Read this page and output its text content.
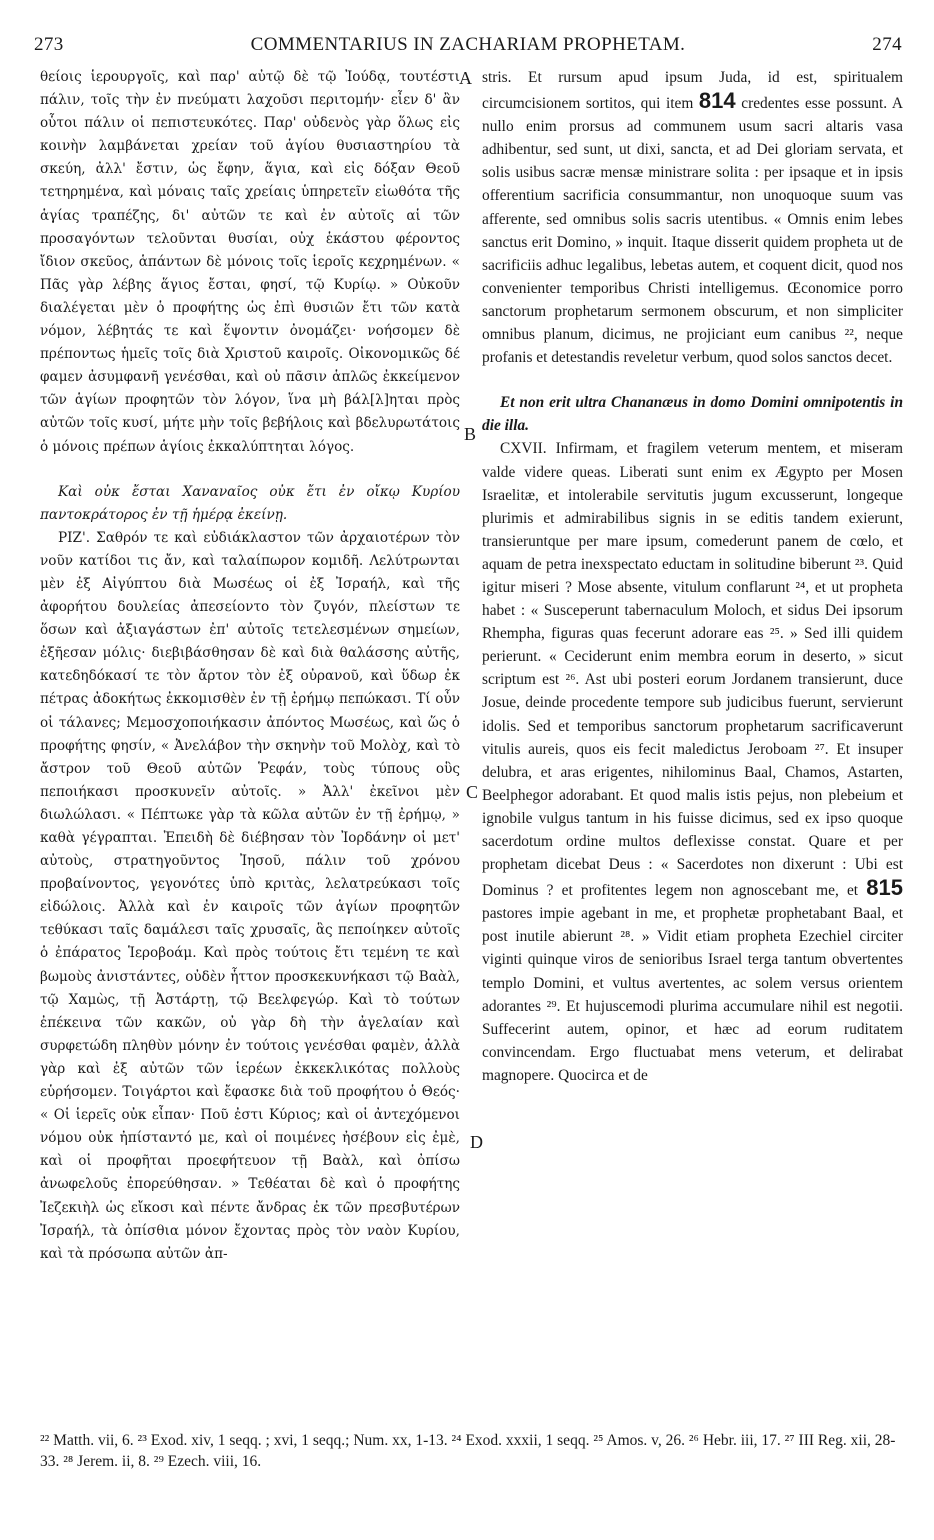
273	COMMENTARIUS IN ZACHARIAM PROPHETAM.	274

θείοις ἱερουργοῖς, καὶ παρ' αὐτῷ δὲ τῷ Ἰούδᾳ, τουτέστι πάλιν, τοῖς τὴν ἐν πνεύματι λαχοῦσι περιτομήν· εἶεν δ' ἂν οὗτοι πάλιν οἱ πεπιστευκότες. Παρ' οὐδενὸς γὰρ ὅλως εἰς κοινὴν λαμβάνεται χρείαν τοῦ ἁγίου θυσιαστηρίου τὰ σκεύη, ἀλλ' ἔστιν, ὡς ἔφην, ἅγια, καὶ εἰς δόξαν Θεοῦ τετηρημένα, καὶ μόναις ταῖς χρείαις ὑπηρετεῖν εἰωθότα τῆς ἁγίας τραπέζης, δι' αὐτῶν τε καὶ ἐν αὐτοῖς αἱ τῶν προσαγόντων τελοῦνται θυσίαι, οὐχ ἑκάστου φέροντος ἴδιον σκεῦος, ἁπάντων δὲ μόνοις τοῖς ἱεροῖς κεχρημένων. « Πᾶς γὰρ λέβης ἅγιος ἔσται, φησί, τῷ Κυρίῳ. » Οὐκοῦν διαλέγεται μὲν ὁ προφήτης ὡς ἐπὶ θυσιῶν ἔτι τῶν κατὰ νόμον, λέβητάς τε καὶ ἕψοντιν ὀνομάζει· νοήσομεν δὲ πρέποντως ἡμεῖς τοῖς διὰ Χριστοῦ καιροῖς. Οἰκονομικῶς δέ φαμεν ἀσυμφανῆ γενέσθαι, καὶ οὐ πᾶσιν ἁπλῶς ἐκκείμενον τῶν ἁγίων προφητῶν τὸν λόγον, ἵνα μὴ βάλ[λ]ηται πρὸς αὐτῶν τοῖς κυσί, μήτε μὴν τοῖς βεβήλοις καὶ βδελυρωτάτοις ὁ μόνοις πρέπων ἁγίοις ἐκκαλύπτηται λόγος.

Καὶ οὐκ ἔσται Χαναναῖος οὐκ ἔτι ἐν οἴκῳ Κυρίου παντοκράτορος ἐν τῇ ἡμέρᾳ ἐκείνῃ.

ΡΙΖ'. Σαθρόν τε καὶ εὐδιάκλαστον τῶν ἀρχαιοτέρων τὸν νοῦν κατίδοι τις ἄν, καὶ ταλαίπωρον κομιδῆ. Λελύτρωνται μὲν ἐξ Αἰγύπτου διὰ Μωσέως οἱ ἐξ Ἰσραήλ, καὶ τῆς ἀφορήτου δουλείας ἀπεσείοντο τὸν ζυγόν, πλείστων τε ὅσων καὶ ἀξιαγάστων ἐπ' αὐτοῖς τετελεσμένων σημείων, ἐξῆεσαν μόλις· διεβιβάσθησαν δὲ καὶ διὰ θαλάσσης αὐτῆς, κατεδηδόκασί τε τὸν ἄρτον τὸν ἐξ οὐρανοῦ, καὶ ὕδωρ ἐκ πέτρας ἀδοκήτως ἐκκομισθὲν ἐν τῇ ἐρήμῳ πεπώκασι. Τί οὖν οἱ τάλανες; Μεμοσχοποιήκασιν ἀπόντος Μωσέως, καὶ ὥς ὁ προφήτης φησίν, « Ἀνελάβον τὴν σκηνὴν τοῦ Μολὸχ, καὶ τὸ ἄστρον τοῦ Θεοῦ αὐτῶν Ῥεφάν, τοὺς τύπους οὓς πεποιήκασι προσκυνεῖν αὐτοῖς. » Ἀλλ' ἐκεῖνοι μὲν διωλώλασι. « Πέπτωκε γὰρ τὰ κῶλα αὐτῶν ἐν τῇ ἐρήμῳ, » καθὰ γέγραπται. Ἐπειδὴ δὲ διέβησαν τὸν Ἰορδάνην οἱ μετ' αὐτοὺς, στρατηγοῦντος Ἰησοῦ, πάλιν τοῦ χρόνου προβαίνοντος, γεγονότες ὑπὸ κριτὰς, λελατρεύκασι τοῖς εἰδώλοις. Ἀλλὰ καὶ ἐν καιροῖς τῶν ἁγίων προφητῶν τεθύκασι ταῖς δαμάλεσι ταῖς χρυσαῖς, ἃς πεποίηκεν αὐτοῖς ὁ ἐπάρατος Ἱεροβοάμ. Καὶ πρὸς τούτοις ἔτι τεμένη τε καὶ βωμοὺς ἀνιστάντες, οὐδὲν ἧττον προσκεκυνήκασι τῷ Βαὰλ, τῷ Χαμὼς, τῇ Ἀστάρτῃ, τῷ Βεελφεγώρ. Καὶ τὸ τούτων ἐπέκεινα τῶν κακῶν, οὐ γὰρ δὴ τὴν ἀγελαίαν καὶ συρφετώδη πληθὺν μόνην ἐν τούτοις γενέσθαι φαμὲν, ἀλλὰ γὰρ καὶ ἐξ αὐτῶν τῶν ἱερέων ἐκκεκλικότας πολλοὺς εὑρήσομεν. Τοιγάρτοι καὶ ἔφασκε διὰ τοῦ προφήτου ὁ Θεός· « Οἱ ἱερεῖς οὐκ εἶπαν· Ποῦ ἐστι Κύριος; καὶ οἱ ἀντεχόμενοι νόμου οὐκ ἠπίσταντό με, καὶ οἱ ποιμένες ἠσέβουν εἰς ἐμὲ, καὶ οἱ προφῆται προεφήτευον τῇ Βαὰλ, καὶ ὀπίσω ἀνωφελοῦς ἐπορεύθησαν. » Τεθέαται δὲ καὶ ὁ προφήτης Ἰεζεκιὴλ ὡς εἴκοσι καὶ πέντε ἄνδρας ἐκ τῶν πρεσβυτέρων Ἰσραήλ, τὰ ὀπίσθια μόνον ἔχοντας πρὸς τὸν ναὸν Κυρίου, καὶ τὰ πρόσωπα αὐτῶν ἀπ-

A
B
C
D

stris. Et rursum apud ipsum Juda, id est, spiritualem circumcisionem sortitos, qui item 814 credentes esse possunt. A nullo enim prorsus ad communem usum sacri altaris vasa adhibentur, sed sunt, ut dixi, sancta, et ad Dei gloriam servata, et solis usibus sacræ mensæ ministrare solita : per ipsaque et in ipsis offerentium sacrificia consummantur, non unoquoque suum vas afferente, sed omnibus solis sacris utentibus. « Omnis enim lebes sanctus erit Domino, » inquit. Itaque disserit quidem propheta ut de sacrificiis adhuc legalibus, lebetas autem, et coquent dicit, quod nos convenienter temporibus Christi intelligemus. Œconomice porro sanctorum prophetarum sermonem obscurum, et non simpliciter omnibus planum, dicimus, ne projiciant eum canibus ²², neque profanis et detestandis reveletur verbum, quod solos sanctos decet.

Et non erit ultra Chananæus in domo Domini omnipotentis in die illa.

CXVII. Infirmam, et fragilem veterum mentem, et miseram valde videre queas. Liberati sunt enim ex Ægypto per Mosen Israelitæ, et intolerabile servitutis jugum excusserunt, longeque plurimis et admirabilibus signis in se editis tandem exierunt, transieruntque per mare ipsum, comederunt panem de cœlo, et aquam de petra inexspectato eductam in solitudine biberunt ²³. Quid igitur miseri ? Mose absente, vitulum conflarunt ²⁴, et ut propheta habet : « Susceperunt tabernaculum Moloch, et sidus Dei ipsorum Rhempha, figuras quas fecerunt adorare eas ²⁵. » Sed illi quidem perierunt. « Ceciderunt enim membra eorum in deserto, » sicut scriptum est ²⁶. Ast ubi posteri eorum Jordanem transierunt, duce Josue, deinde procedente tempore sub judicibus fuerunt, servierunt idolis. Sed et temporibus sanctorum prophetarum sacrificaverunt vitulis aureis, quos eis fecit maledictus Jeroboam ²⁷. Et insuper delubra, et aras erigentes, nihilominus Baal, Chamos, Astarten, Beelphegor adorabant. Et quod malis istis pejus, non plebeium et ignobile vulgus tantum in his fuisse dicimus, sed ex ipso quoque sacerdotum ordine multos deflexisse constat. Quare et per prophetam dicebat Deus : « Sacerdotes non dixerunt : Ubi est Dominus ? et profitentes legem non agnoscebant me, et 815 pastores impie agebant in me, et prophetæ prophetabant Baal, et post inutile abierunt ²⁸. » Vidit etiam propheta Ezechiel circiter viginti quinque viros de senioribus Israel terga tantum obvertentes templo Domini, et vultus avertentes, ac solem versus orientem adorantes ²⁹. Et hujuscemodi plurima accumulare nihil est negotii. Suffecerint autem, opinor, et hæc ad eorum ruditatem convincendam. Ergo fluctuabat mens veterum, et delirabat magnopere. Quocirca et de

²² Matth. vii, 6. ²³ Exod. xiv, 1 seqq. ; xvi, 1 seqq.; Num. xx, 1-13. ²⁴ Exod. xxxii, 1 seqq. ²⁵ Amos. v, 26. ²⁶ Hebr. iii, 17. ²⁷ III Reg. xii, 28-33. ²⁸ Jerem. ii, 8. ²⁹ Ezech. viii, 16.
